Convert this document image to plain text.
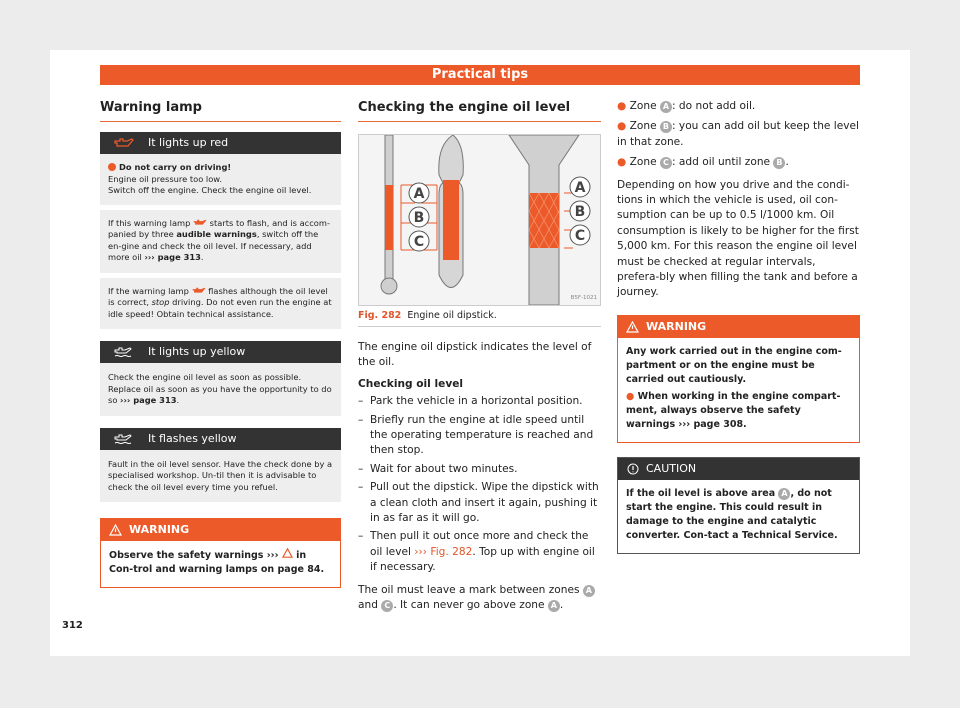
Practical tips
Warning lamp
It lights up red

Do not carry on driving!

Engine oil pressure too low.

Switch off the engine. Check the engine oil level.

If this warning lamp  starts to flash, and is accom-panied by three audible warnings, switch off the en-gine and check the oil level. If necessary, add more oil ››› page 313.

If the warning lamp  flashes although the oil level is correct, stop driving. Do not even run the engine at idle speed! Obtain technical assistance.

It lights up yellow

Check the engine oil level as soon as possible. Replace oil as soon as you have the opportunity to do so ››› page 313.

It flashes yellow

Fault in the oil level sensor. Have the check done by a specialised workshop. Un-til then it is advisable to check the oil level every time you refuel.

WARNING
Observe the safety warnings ›››  in Con-trol and warning lamps on page 84.
Checking the engine oil level
A
B
C
A
B
C
B5F-1021
Fig. 282 Engine oil dipstick.

The engine oil dipstick indicates the level of the oil.

Checking oil level

– Park the vehicle in a horizontal position.
– Briefly run the engine at idle speed until the operating temperature is reached and then stop.
– Wait for about two minutes.
– Pull out the dipstick. Wipe the dipstick with a clean cloth and insert it again, pushing it in as far as it will go.
– Then pull it out once more and check the oil level ››› Fig. 282. Top up with engine oil if necessary.

The oil must leave a mark between zones A
and C . It can never go above zone A .

● Zone A : do not add oil.

● Zone B : you can add oil but keep the level in that zone.

● Zone C : add oil until zone B .

Depending on how you drive and the condi-tions in which the vehicle is used, oil con-sumption can be up to 0.5 l/1000 km. Oil consumption is likely to be higher for the first 5,000 km. For this reason the engine oil level must be checked at regular intervals, prefera-bly when filling the tank and before a journey.

WARNING
Any work carried out in the engine com-partment or on the engine must be carried out cautiously.
● When working in the engine compart-ment, always observe the safety warnings ››› page 308.
CAUTION
If the oil level is above area A , do not start the engine. This could result in damage to the engine and catalytic converter. Con-tact a Technical Service.
312
